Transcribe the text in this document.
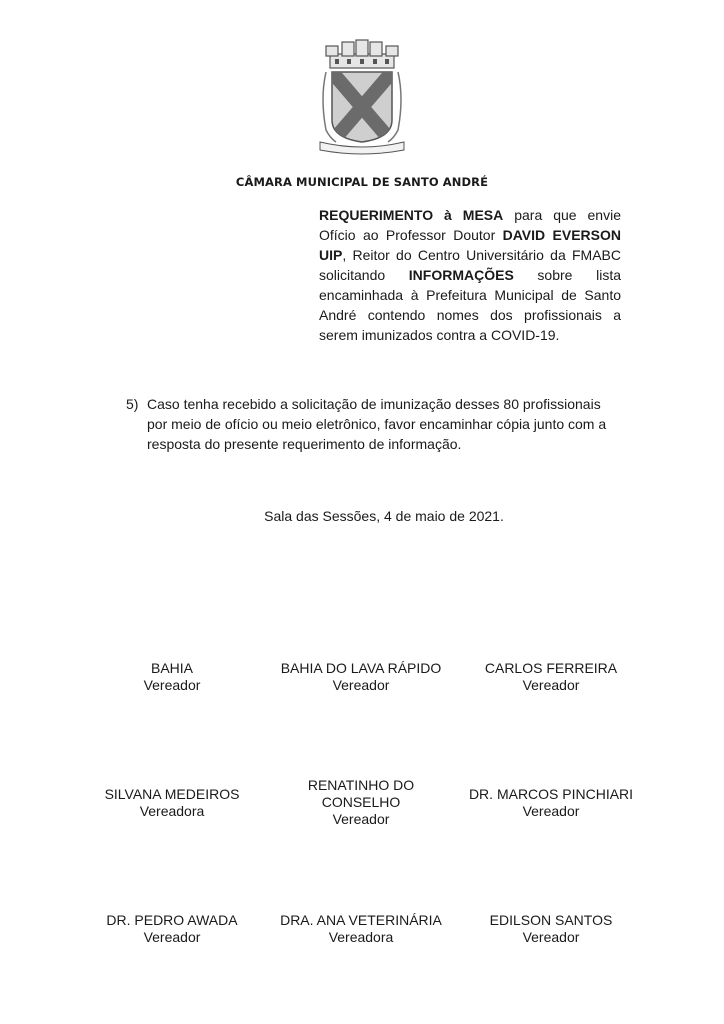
CÂMARA MUNICIPAL DE SANTO ANDRÉ
REQUERIMENTO à MESA para que envie Ofício ao Professor Doutor DAVID EVERSON UIP, Reitor do Centro Universitário da FMABC solicitando INFORMAÇÕES sobre lista encaminhada à Prefeitura Municipal de Santo André contendo nomes dos profissionais a serem imunizados contra a COVID-19.
5) Caso tenha recebido a solicitação de imunização desses 80 profissionais por meio de ofício ou meio eletrônico, favor encaminhar cópia junto com a resposta do presente requerimento de informação.
Sala das Sessões, 4 de maio de 2021.
BAHIA
Vereador
BAHIA DO LAVA RÁPIDO
Vereador
CARLOS FERREIRA
Vereador
SILVANA MEDEIROS
Vereadora
RENATINHO DO CONSELHO
Vereador
DR. MARCOS PINCHIARI
Vereador
DR. PEDRO AWADA
Vereador
DRA. ANA VETERINÁRIA
Vereadora
EDILSON SANTOS
Vereador
